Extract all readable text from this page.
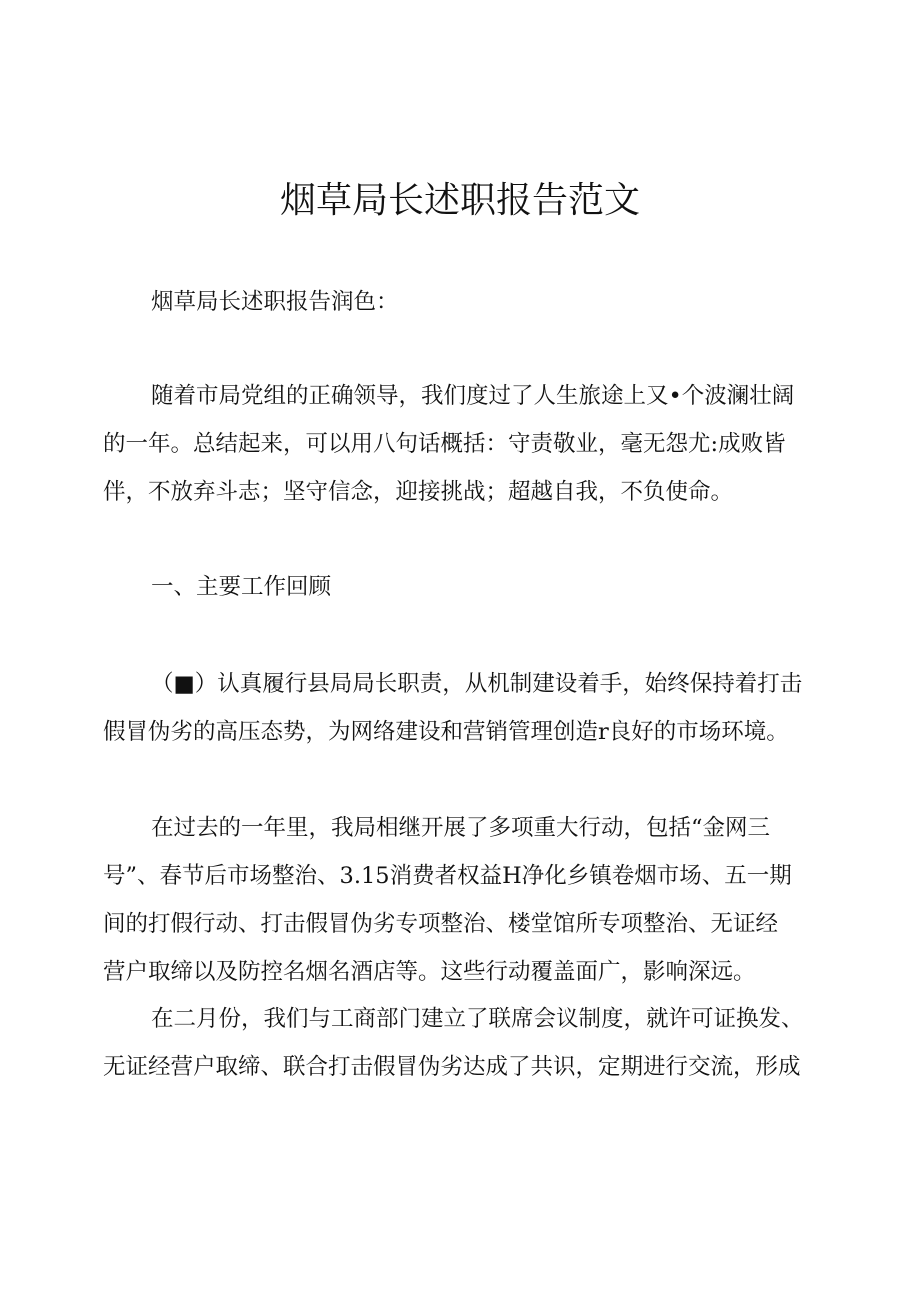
烟草局长述职报告范文

烟草局长述职报告润色：

随着市局党组的正确领导，我们度过了人生旅途上又•个波澜壮阔
的一年。总结起来，可以用八句话概括：守责敬业，毫无怨尤:成败皆
伴，不放弃斗志；坚守信念，迎接挑战；超越自我，不负使命。

一、主要工作回顾

（■）认真履行县局局长职责，从机制建设着手，始终保持着打击
假冒伪劣的高压态势，为网络建设和营销管理创造r良好的市场环境。

在过去的一年里，我局相继开展了多项重大行动，包括“金网三
号”、春节后市场整治、3.15消费者权益H净化乡镇卷烟市场、五一期
间的打假行动、打击假冒伪劣专项整治、楼堂馆所专项整治、无证经
营户取缔以及防控名烟名酒店等。这些行动覆盖面广，影响深远。

在二月份，我们与工商部门建立了联席会议制度，就许可证换发、
无证经营户取缔、联合打击假冒伪劣达成了共识，定期进行交流，形成
